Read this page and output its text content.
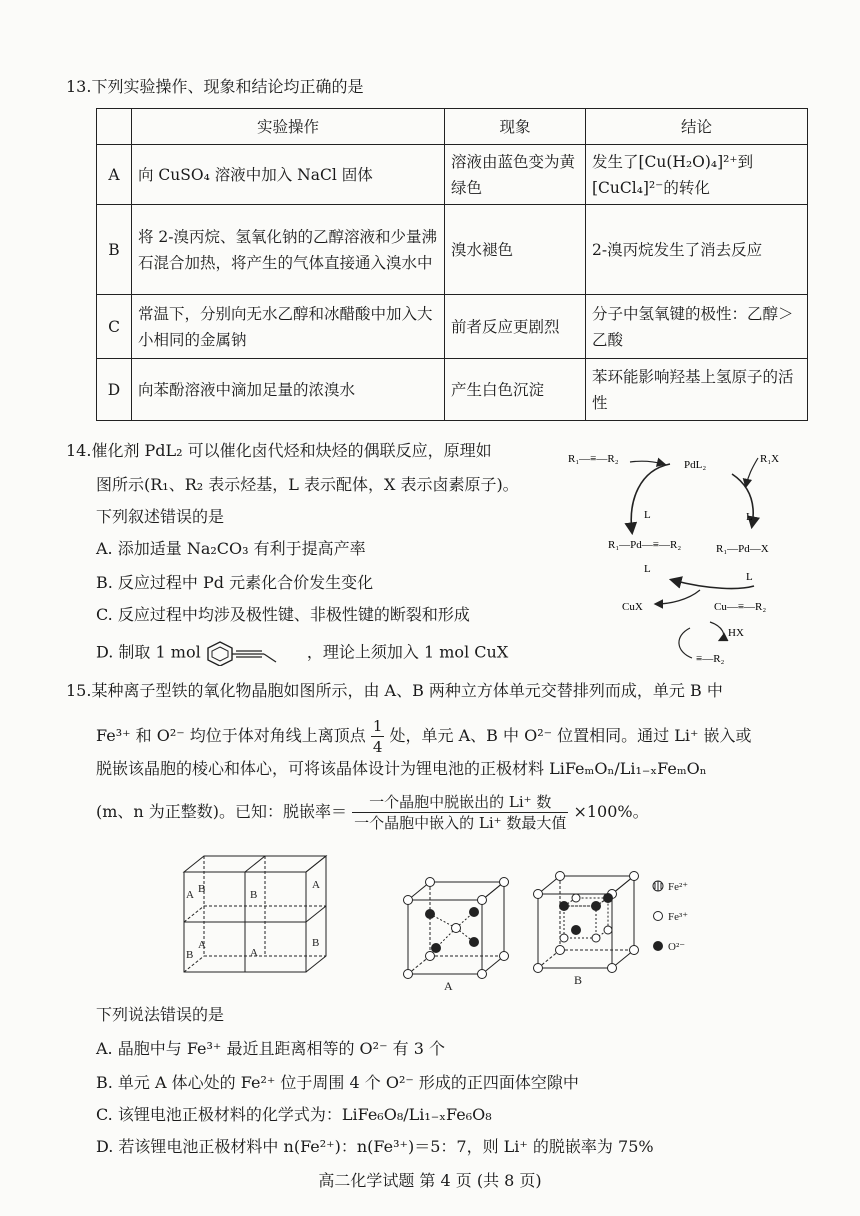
13.下列实验操作、现象和结论均正确的是
	实验操作	现象	结论
A	向 CuSO₄ 溶液中加入 NaCl 固体	溶液由蓝色变为黄绿色	发生了[Cu(H₂O)₄]²⁺到[CuCl₄]²⁻的转化
B	将 2-溴丙烷、氢氧化钠的乙醇溶液和少量沸石混合加热，将产生的气体直接通入溴水中	溴水褪色	2-溴丙烷发生了消去反应
C	常温下，分别向无水乙醇和冰醋酸中加入大小相同的金属钠	前者反应更剧烈	分子中氢氧键的极性：乙醇＞乙酸
D	向苯酚溶液中滴加足量的浓溴水	产生白色沉淀	苯环能影响羟基上氢原子的活性
14.催化剂 PdL₂ 可以催化卤代烃和炔烃的偶联反应，原理如
图所示(R₁、R₂ 表示烃基，L 表示配体，X 表示卤素原子)。
下列叙述错误的是
A. 添加适量 Na₂CO₃ 有利于提高产率
B. 反应过程中 Pd 元素化合价发生变化
C. 反应过程中均涉及极性键、非极性键的断裂和形成
D. 制取 1 mol	，理论上须加入 1 mol CuX
R₁—≡—R₂	PdL₂	R₁X
L
R₁—Pd—≡—R₂
L
L
R₁—Pd—X
L
CuX	Cu—≡—R₂
HX
≡—R₂
15.某种离子型铁的氧化物晶胞如图所示，由 A、B 两种立方体单元交替排列而成，单元 B 中
Fe³⁺ 和 O²⁻ 均位于体对角线上离顶点 $\frac{1}{4}$ 处，单元 A、B 中 O²⁻ 位置相同。通过 Li⁺ 嵌入或
脱嵌该晶胞的棱心和体心，可将该晶体设计为锂电池的正极材料 LiFeₘOₙ/Li₁₋ₓFeₘOₙ
(m、n 为正整数)。已知：脱嵌率＝ $\frac{\text{一个晶胞中脱嵌出的 Li⁺ 数}}{\text{一个晶胞中嵌入的 Li⁺ 数最大值}} \times 100\%$。
A B	B
A
A
B	A
B
A	B
Fe²⁺
Fe³⁺
O²⁻
下列说法错误的是
A. 晶胞中与 Fe³⁺ 最近且距离相等的 O²⁻ 有 3 个
B. 单元 A 体心处的 Fe²⁺ 位于周围 4 个 O²⁻ 形成的正四面体空隙中
C. 该锂电池正极材料的化学式为：LiFe₆O₈/Li₁₋ₓFe₆O₈
D. 若该锂电池正极材料中 n(Fe²⁺)：n(Fe³⁺)＝5：7，则 Li⁺ 的脱嵌率为 75%
高二化学试题 第 4 页 (共 8 页)
